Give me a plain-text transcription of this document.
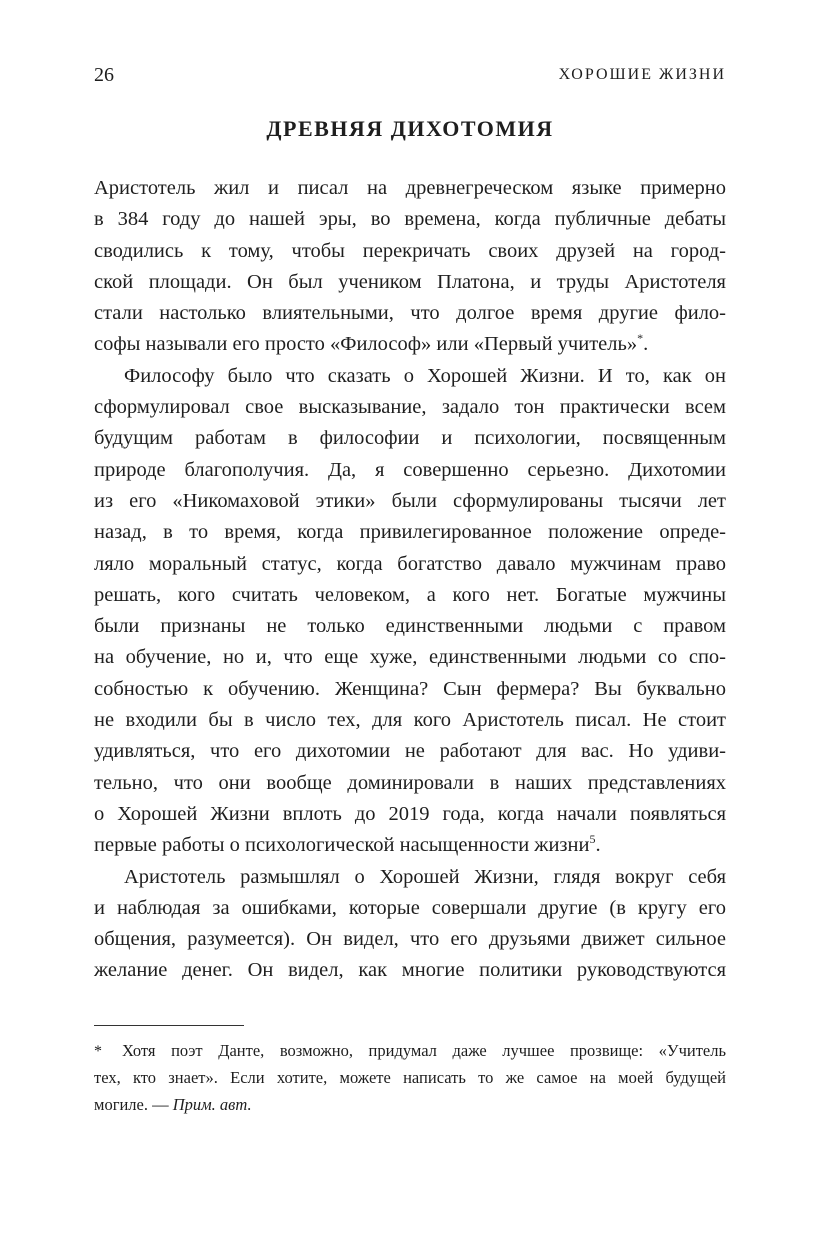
26	ХОРОШИЕ ЖИЗНИ
ДРЕВНЯЯ ДИХОТОМИЯ
Аристотель жил и писал на древнегреческом языке примерно
в 384 году до нашей эры, во времена, когда публичные дебаты
сводились к тому, чтобы перекричать своих друзей на город-
ской площади. Он был учеником Платона, и труды Аристотеля
стали настолько влиятельными, что долгое время другие фило-
софы называли его просто «Философ» или «Первый учитель»*.
Философу было что сказать о Хорошей Жизни. И то, как он
сформулировал свое высказывание, задало тон практически всем
будущим работам в философии и психологии, посвященным
природе благополучия. Да, я совершенно серьезно. Дихотомии
из его «Никомаховой этики» были сформулированы тысячи лет
назад, в то время, когда привилегированное положение опреде-
ляло моральный статус, когда богатство давало мужчинам право
решать, кого считать человеком, а кого нет. Богатые мужчины
были признаны не только единственными людьми с правом
на обучение, но и, что еще хуже, единственными людьми со спо-
собностью к обучению. Женщина? Сын фермера? Вы буквально
не входили бы в число тех, для кого Аристотель писал. Не стоит
удивляться, что его дихотомии не работают для вас. Но удиви-
тельно, что они вообще доминировали в наших представлениях
о Хорошей Жизни вплоть до 2019 года, когда начали появляться
первые работы о психологической насыщенности жизни$^5$.
Аристотель размышлял о Хорошей Жизни, глядя вокруг себя
и наблюдая за ошибками, которые совершали другие (в кругу его
общения, разумеется). Он видел, что его друзьями движет сильное
желание денег. Он видел, как многие политики руководствуются
*	Хотя поэт Данте, возможно, придумал даже лучшее прозвище: «Учитель
тех, кто знает». Если хотите, можете написать то же самое на моей будущей
могиле. — Прим. авт.
